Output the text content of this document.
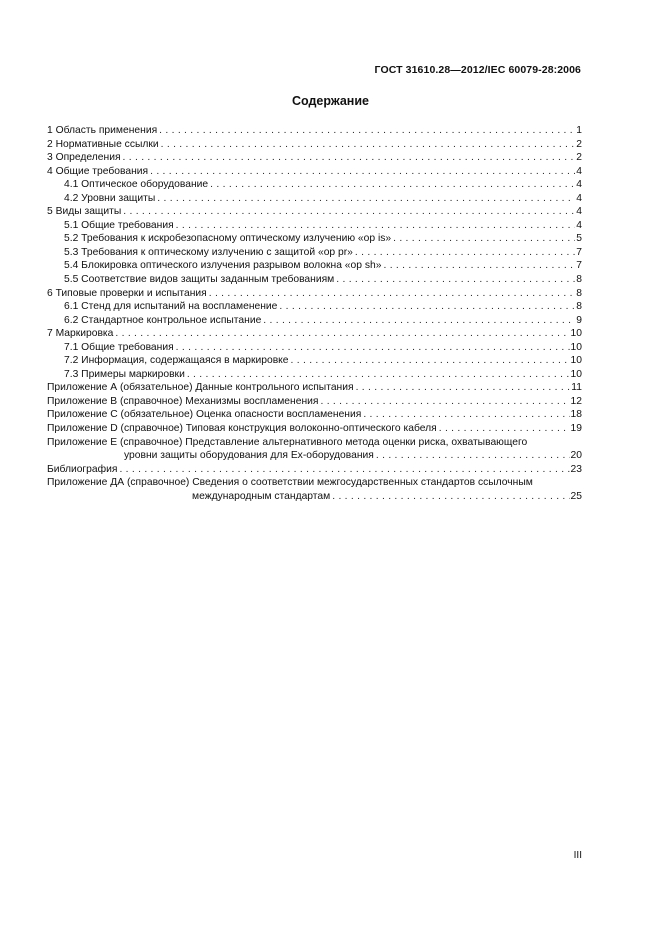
ГОСТ 31610.28—2012/IEC 60079-28:2006
Содержание
1 Область применения . . .	1
2 Нормативные ссылки . . .	2
3 Определения . . .	2
4 Общие требования . . .	4
4.1 Оптическое оборудование . . .	4
4.2 Уровни защиты . . .	4
5 Виды защиты . . .	4
5.1 Общие требования . . .	4
5.2 Требования к искробезопасному оптическому излучению «op is» . . .	5
5.3 Требования к оптическому излучению с защитой «op pr» . . .	7
5.4 Блокировка оптического излучения разрывом волокна «op sh» . . .	7
5.5 Соответствие видов защиты заданным требованиям . . .	8
6 Типовые проверки и испытания . . .	8
6.1 Стенд для испытаний на воспламенение . . .	8
6.2 Стандартное контрольное испытание . . .	9
7 Маркировка . . .	10
7.1 Общие требования . . .	10
7.2 Информация, содержащаяся в маркировке . . .	10
7.3 Примеры маркировки . . .	10
Приложение А (обязательное) Данные контрольного испытания . . .	11
Приложение В (справочное) Механизмы воспламенения . . .	12
Приложение С (обязательное) Оценка опасности воспламенения . . .	18
Приложение D (справочное) Типовая конструкция волоконно-оптического кабеля . . .	19
Приложение Е (справочное) Представление альтернативного метода оценки риска, охватывающего
уровни защиты оборудования для Ex-оборудования . . .	20
Библиография . . .	23
Приложение ДА (справочное) Сведения о соответствии межгосударственных стандартов ссылочным
международным стандартам . . .	25
III
